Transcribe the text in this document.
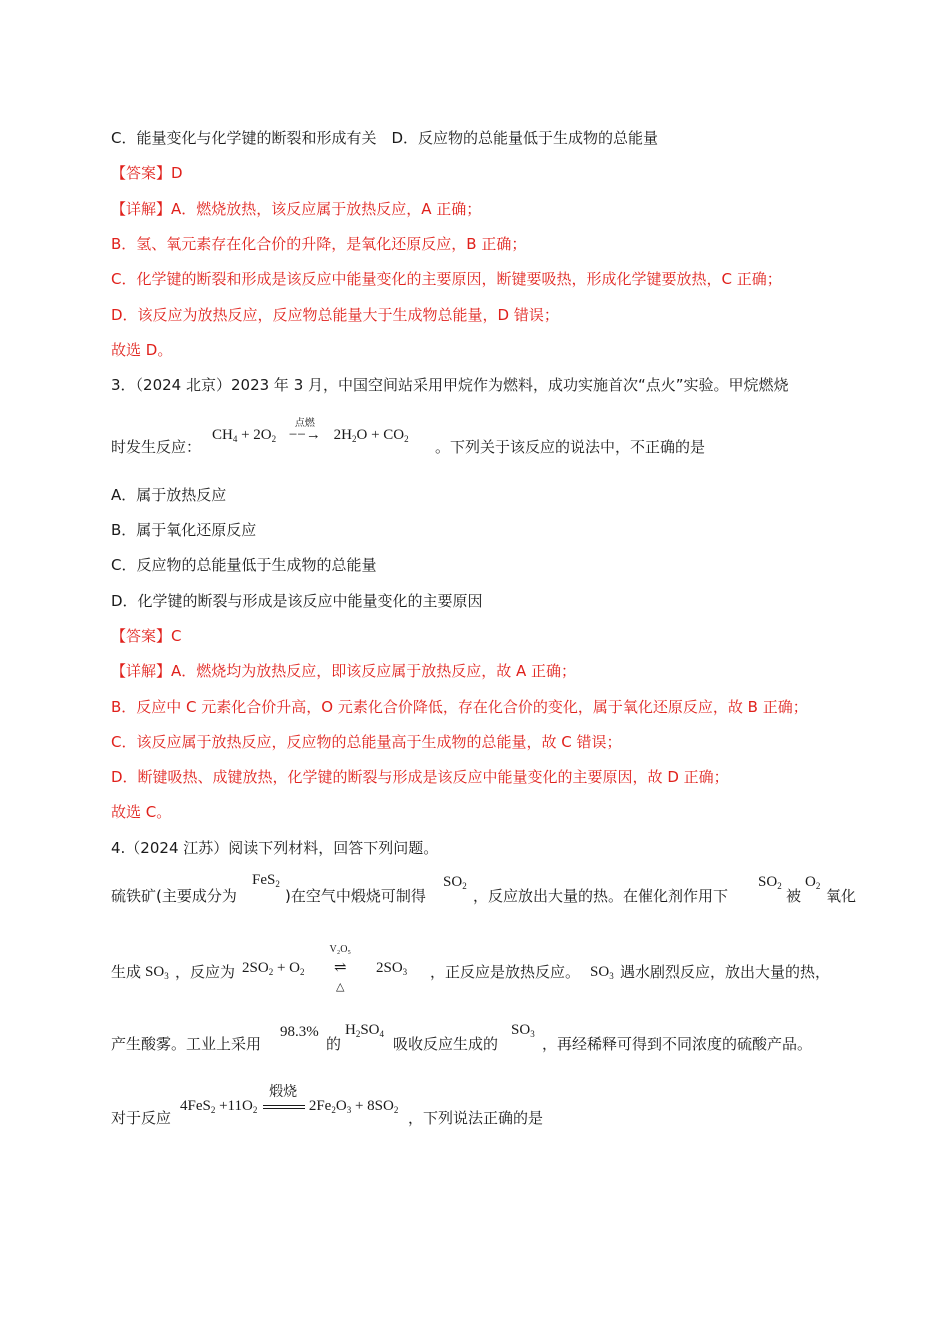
C．能量变化与化学键的断裂和形成有关　D．反应物的总能量低于生成物的总能量
【答案】D
【详解】A．燃烧放热，该反应属于放热反应，A 正确；
B．氢、氧元素存在化合价的升降，是氧化还原反应，B 正确；
C．化学键的断裂和形成是该反应中能量变化的主要原因，断键要吸热，形成化学键要放热，C 正确；
D．该反应为放热反应，反应物总能量大于生成物总能量，D 错误；
故选 D。
3．（2024 北京）2023 年 3 月，中国空间站采用甲烷作为燃料，成功实施首次“点火”实验。甲烷燃烧
时发生反应：
$CH_4 + 2O_2$
点燃
−−→ $2H_2O + CO_2$ 。下列关于该反应的说法中，不正确的是
A．属于放热反应
B．属于氧化还原反应
C．反应物的总能量低于生成物的总能量
D．化学键的断裂与形成是该反应中能量变化的主要原因
【答案】C
【详解】A．燃烧均为放热反应，即该反应属于放热反应，故 A 正确；
B．反应中 C 元素化合价升高，O 元素化合价降低，存在化合价的变化，属于氧化还原反应，故 B 正确；
C．该反应属于放热反应，反应物的总能量高于生成物的总能量，故 C 错误；
D．断键吸热、成键放热，化学键的断裂与形成是该反应中能量变化的主要原因，故 D 正确；
故选 C。
4.（2024 江苏）阅读下列材料，回答下列问题。
硫铁矿(主要成分为
FeS$_2$
)在空气中煅烧可制得
$SO_2$
，反应放出大量的热。在催化剂作用下
$SO_2$
被
$O_2$
氧化
生成 $SO_3$ ，反应为 $2SO_2 + O_2$
V₂O₅
⇌
△
$2SO_3$ ，正反应是放热反应。 $SO_3$ 遇水剧烈反应，放出大量的热，
产生酸雾。工业上采用
98.3%
的
$H_2SO_4$
吸收反应生成的
$SO_3$
，再经稀释可得到不同浓度的硫酸产品。
对于反应
$4FeS_2 +11O_2$
煅烧
$2Fe_2O_3 + 8SO_2$ ，下列说法正确的是
